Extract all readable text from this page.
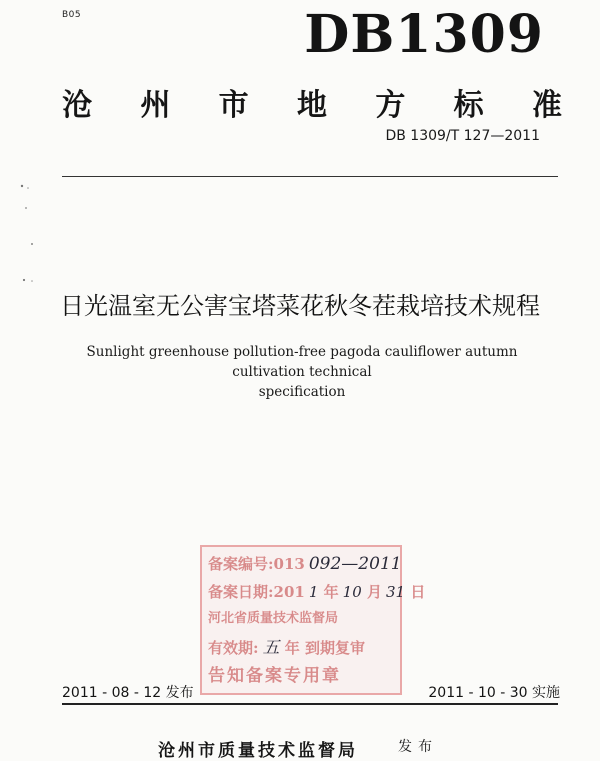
B05	DB1309
沧 州 市 地 方 标 准
DB 1309/T 127—2011
日光温室无公害宝塔菜花秋冬茬栽培技术规程
Sunlight greenhouse pollution-free pagoda cauliflower autumn cultivation technical
specification
备案编号:013 092—2011
备案日期:201 1 年 10 月 31 日
河北省质量技术监督局
有效期: 五 年 到期复审
告知备案专用章
2011 - 08 - 12 发布	2011 - 10 - 30 实施
沧州市质量技术监督局	发布
